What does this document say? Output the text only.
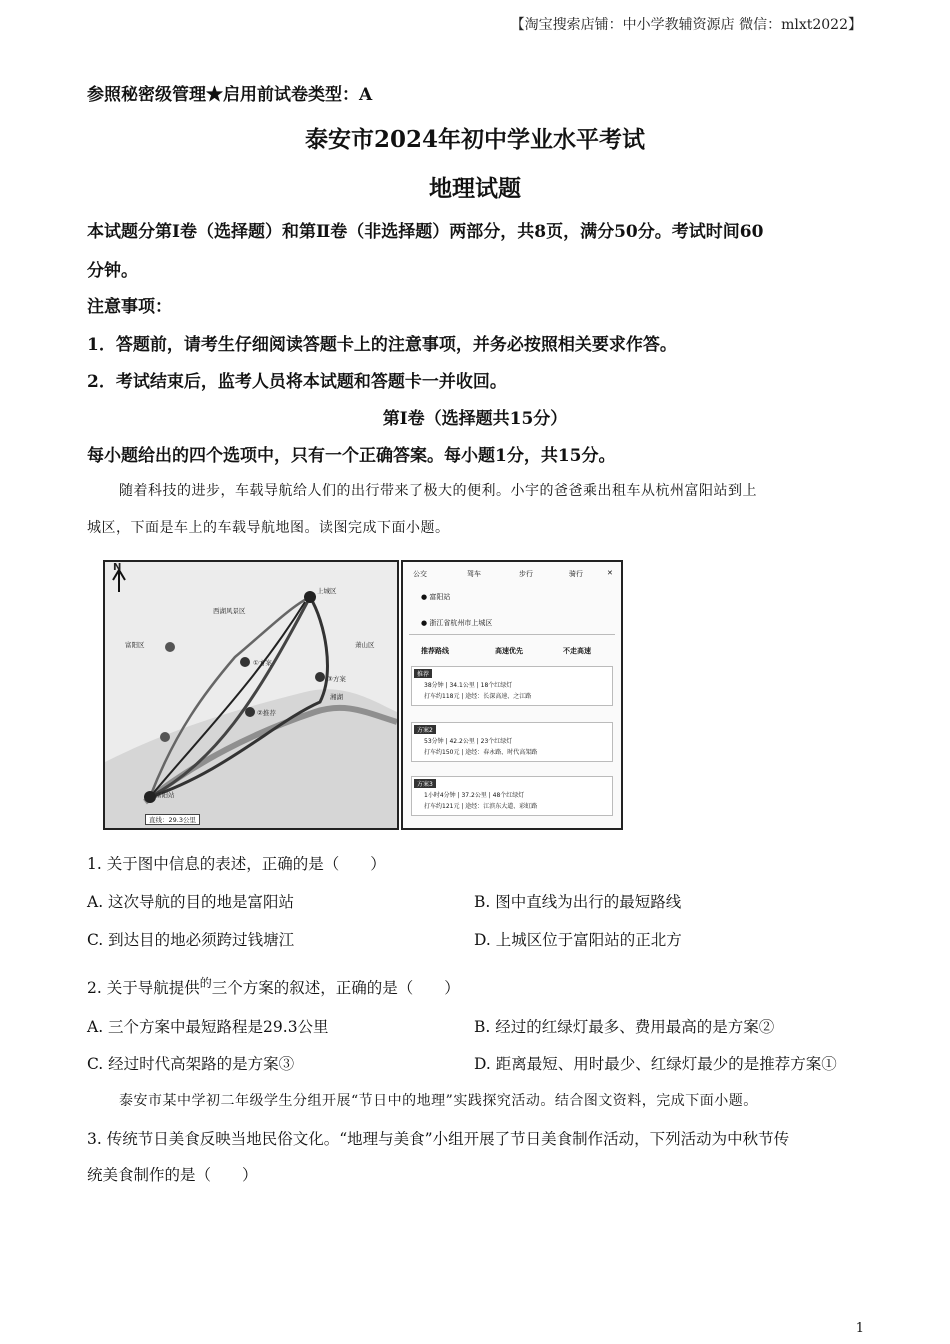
【淘宝搜索店铺：中小学教辅资源店 微信：mlxt2022】
参照秘密级管理★启用前试卷类型：A
泰安市2024年初中学业水平考试
地理试题
本试题分第Ⅰ卷（选择题）和第Ⅱ卷（非选择题）两部分，共8页，满分50分。考试时间60
分钟。
注意事项：
1．答题前，请考生仔细阅读答题卡上的注意事项，并务必按照相关要求作答。
2．考试结束后，监考人员将本试题和答题卡一并收回。
第Ⅰ卷（选择题共15分）
每小题给出的四个选项中，只有一个正确答案。每小题1分，共15分。
随着科技的进步，车载导航给人们的出行带来了极大的便利。小宇的爸爸乘出租车从杭州富阳站到上
城区，下面是车上的车载导航地图。读图完成下面小题。
N
上城区
西湖风景区
萧山区
富阳区
湘湖
①方案
②推荐
③方案
富阳站
直线：29.3公里
公交	驾车	步行	骑行	✕
● 富阳站
● 浙江省杭州市上城区
推荐路线	高速优先	不走高速
推荐
38分钟 | 34.1公里 | 18个红绿灯
打车约118元 | 途经：长深高速、之江路
方案2
53分钟 | 42.2公里 | 23个红绿灯
打车约150元 | 途经：春永路、时代高架路
方案3
1小时4分钟 | 37.2公里 | 48个红绿灯
打车约121元 | 途经：江滨东大道、彩虹路
1. 关于图中信息的表述，正确的是（　　）
A. 这次导航的目的地是富阳站	B. 图中直线为出行的最短路线
C. 到达目的地必须跨过钱塘江	D. 上城区位于富阳站的正北方
2. 关于导航提供$^的$三个方案的叙述，正确的是（　　）
A. 三个方案中最短路程是29.3公里	B. 经过的红绿灯最多、费用最高的是方案②
C. 经过时代高架路的是方案③	D. 距离最短、用时最少、红绿灯最少的是推荐方案①
泰安市某中学初二年级学生分组开展“节日中的地理”实践探究活动。结合图文资料，完成下面小题。
3. 传统节日美食反映当地民俗文化。“地理与美食”小组开展了节日美食制作活动，下列活动为中秋节传
统美食制作的是（　　）
1
